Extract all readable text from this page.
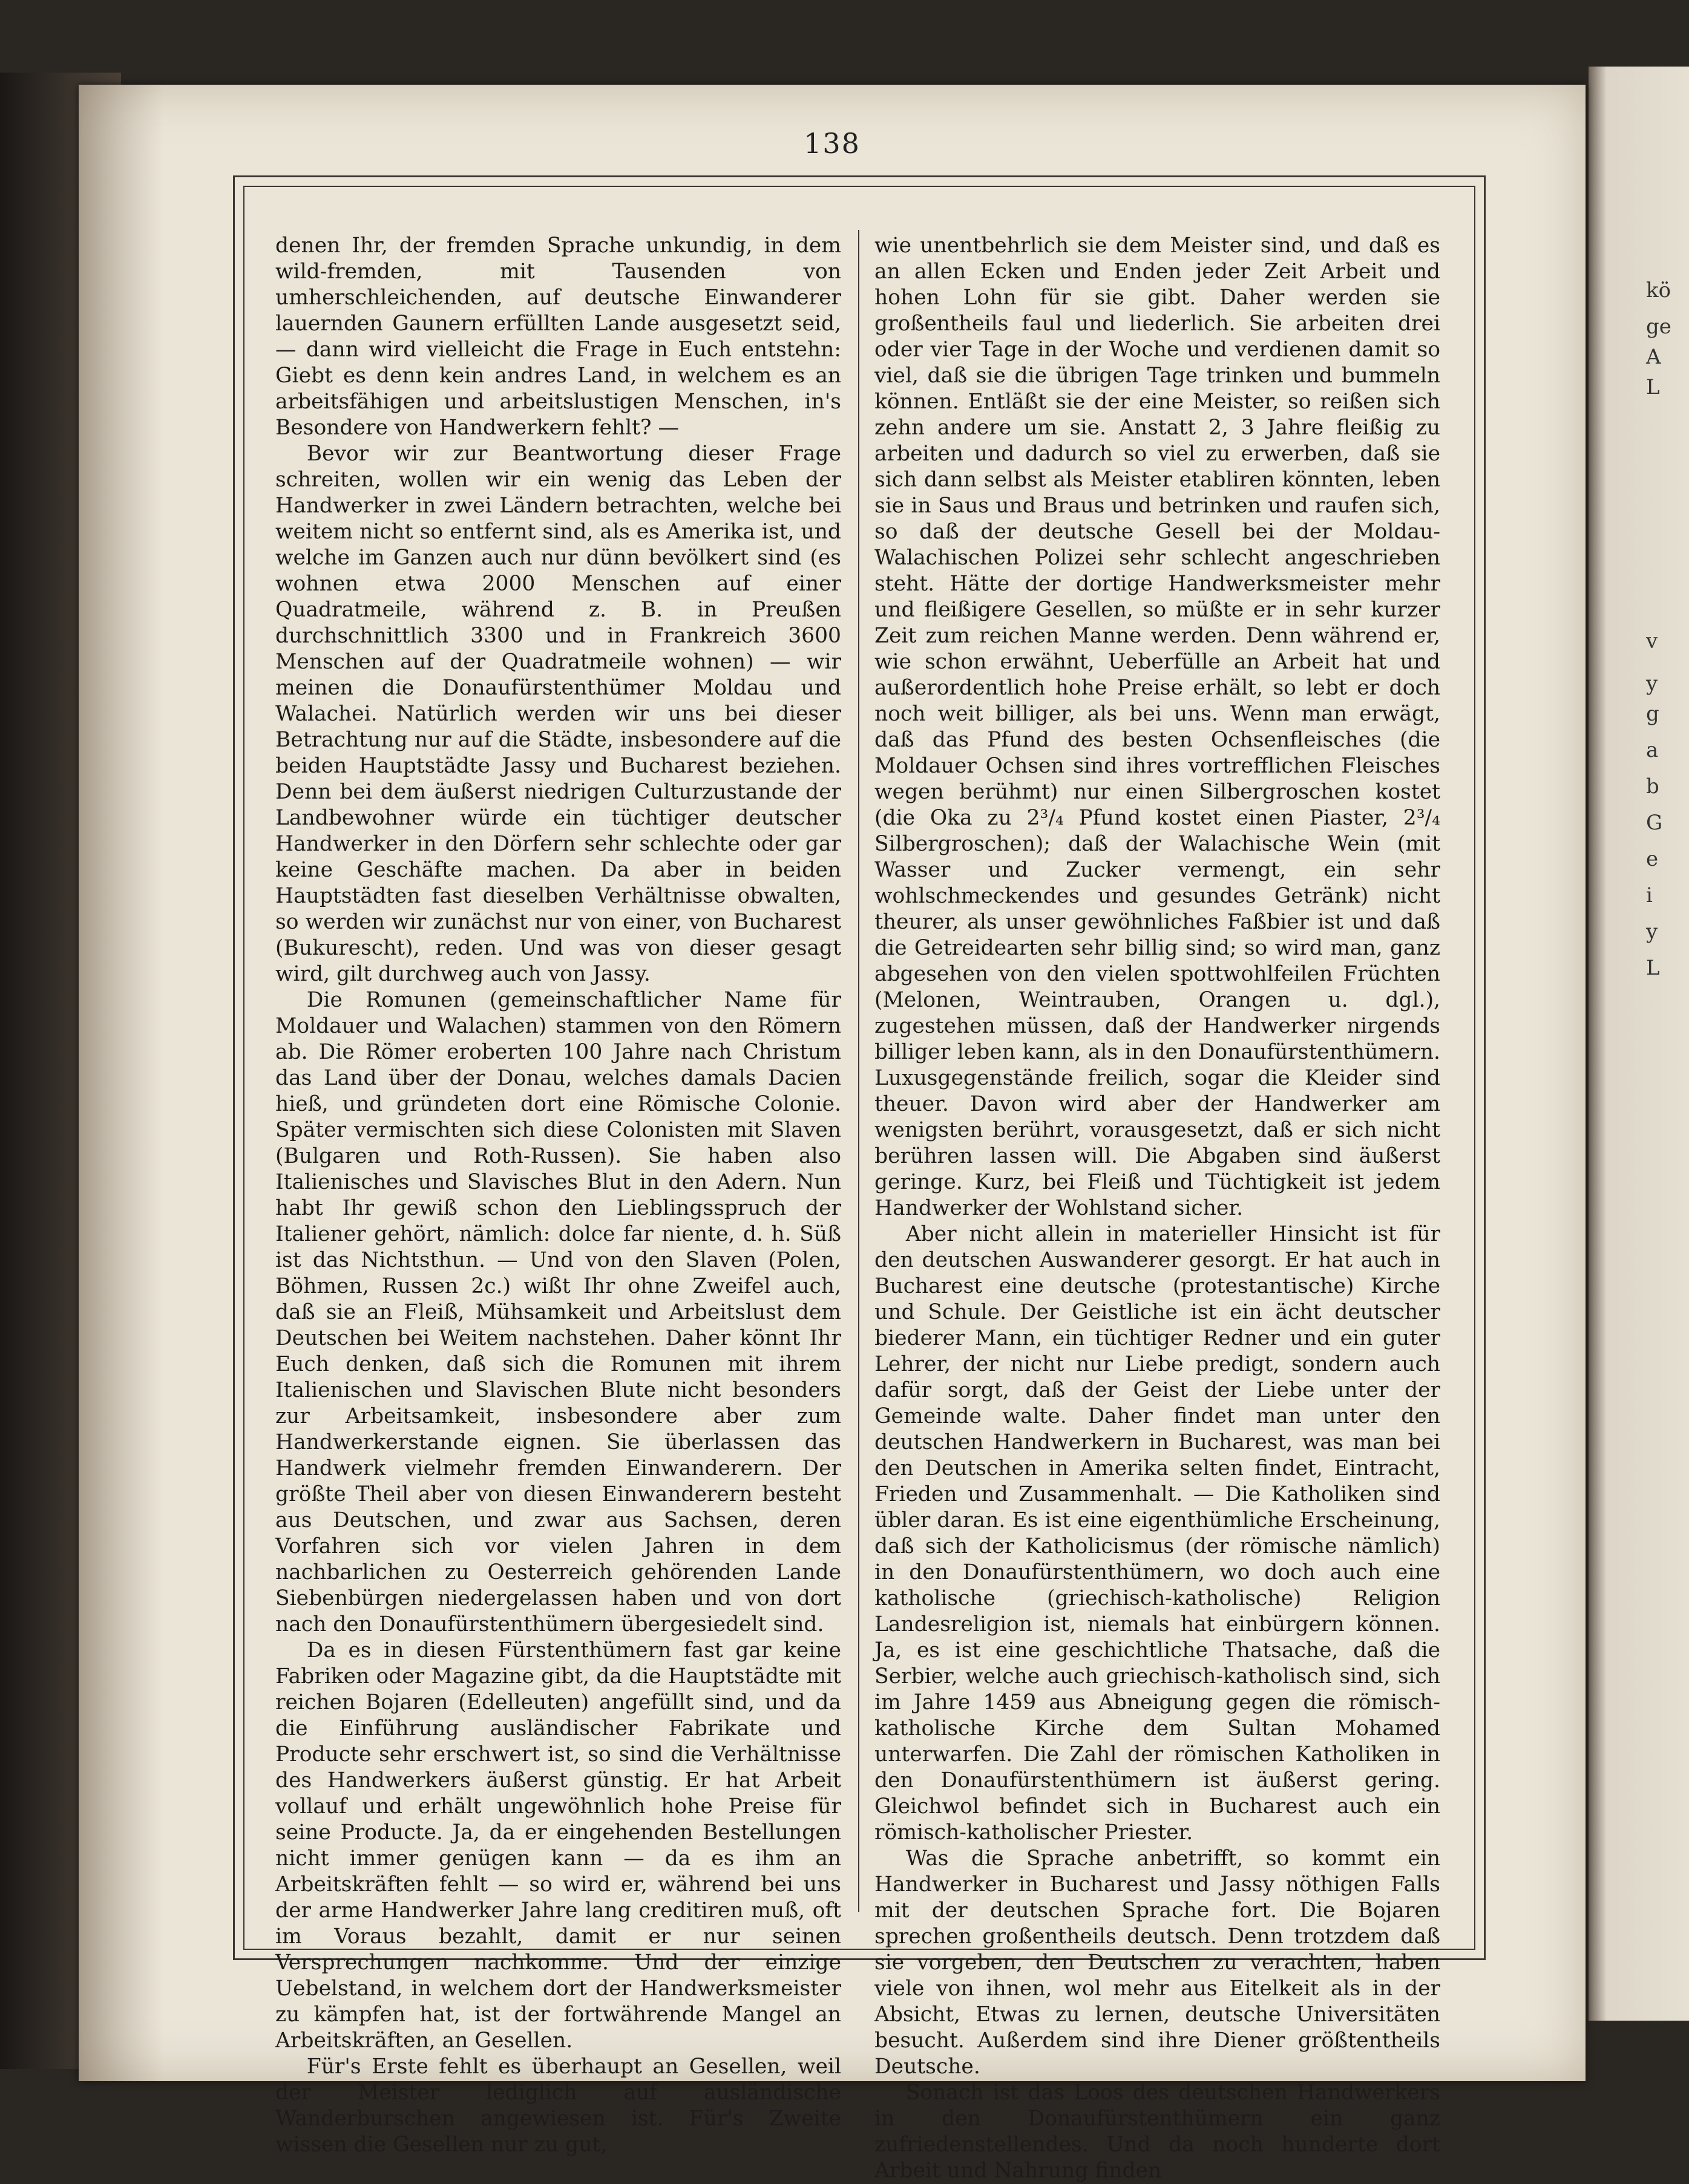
kö
ge
A
L
v
y
g
a
b
G
e
i
y
L
138

denen Ihr, der fremden Sprache unkundig, in dem wild-fremden, mit Tausenden von umherschleichenden, auf deutsche Einwanderer lauernden Gaunern erfüllten Lande ausgesetzt seid, — dann wird vielleicht die Frage in Euch entstehn: Giebt es denn kein andres Land, in welchem es an arbeitsfähigen und arbeitslustigen Menschen, in's Besondere von Handwerkern fehlt? —

Bevor wir zur Beantwortung dieser Frage schreiten, wollen wir ein wenig das Leben der Handwerker in zwei Ländern betrachten, welche bei weitem nicht so entfernt sind, als es Amerika ist, und welche im Ganzen auch nur dünn bevölkert sind (es wohnen etwa 2000 Menschen auf einer Quadratmeile, während z. B. in Preußen durchschnittlich 3300 und in Frankreich 3600 Menschen auf der Quadratmeile wohnen) — wir meinen die Donaufürstenthümer Moldau und Walachei. Natürlich werden wir uns bei dieser Betrachtung nur auf die Städte, insbesondere auf die beiden Hauptstädte Jassy und Bucharest beziehen. Denn bei dem äußerst niedrigen Culturzustande der Landbewohner würde ein tüchtiger deutscher Handwerker in den Dörfern sehr schlechte oder gar keine Geschäfte machen. Da aber in beiden Hauptstädten fast dieselben Verhältnisse obwalten, so werden wir zunächst nur von einer, von Bucharest (Bukurescht), reden. Und was von dieser gesagt wird, gilt durchweg auch von Jassy.

Die Romunen (gemeinschaftlicher Name für Moldauer und Walachen) stammen von den Römern ab. Die Römer eroberten 100 Jahre nach Christum das Land über der Donau, welches damals Dacien hieß, und gründeten dort eine Römische Colonie. Später vermischten sich diese Colonisten mit Slaven (Bulgaren und Roth-Russen). Sie haben also Italienisches und Slavisches Blut in den Adern. Nun habt Ihr gewiß schon den Lieblingsspruch der Italiener gehört, nämlich: dolce far niente, d. h. Süß ist das Nichtsthun. — Und von den Slaven (Polen, Böhmen, Russen 2c.) wißt Ihr ohne Zweifel auch, daß sie an Fleiß, Mühsamkeit und Arbeitslust dem Deutschen bei Weitem nachstehen. Daher könnt Ihr Euch denken, daß sich die Romunen mit ihrem Italienischen und Slavischen Blute nicht besonders zur Arbeitsamkeit, insbesondere aber zum Handwerkerstande eignen. Sie überlassen das Handwerk vielmehr fremden Einwanderern. Der größte Theil aber von diesen Einwanderern besteht aus Deutschen, und zwar aus Sachsen, deren Vorfahren sich vor vielen Jahren in dem nachbarlichen zu Oesterreich gehörenden Lande Siebenbürgen niedergelassen haben und von dort nach den Donaufürstenthümern übergesiedelt sind.

Da es in diesen Fürstenthümern fast gar keine Fabriken oder Magazine gibt, da die Hauptstädte mit reichen Bojaren (Edelleuten) angefüllt sind, und da die Einführung ausländischer Fabrikate und Producte sehr erschwert ist, so sind die Verhältnisse des Handwerkers äußerst günstig. Er hat Arbeit vollauf und erhält ungewöhnlich hohe Preise für seine Producte. Ja, da er eingehenden Bestellungen nicht immer genügen kann — da es ihm an Arbeitskräften fehlt — so wird er, während bei uns der arme Handwerker Jahre lang creditiren muß, oft im Voraus bezahlt, damit er nur seinen Versprechungen nachkomme. Und der einzige Uebelstand, in welchem dort der Handwerksmeister zu kämpfen hat, ist der fortwährende Mangel an Arbeitskräften, an Gesellen.

Für's Erste fehlt es überhaupt an Gesellen, weil der Meister lediglich auf ausländische Wanderburschen angewiesen ist. Für's Zweite wissen die Gesellen nur zu gut,

wie unentbehrlich sie dem Meister sind, und daß es an allen Ecken und Enden jeder Zeit Arbeit und hohen Lohn für sie gibt. Daher werden sie großentheils faul und liederlich. Sie arbeiten drei oder vier Tage in der Woche und verdienen damit so viel, daß sie die übrigen Tage trinken und bummeln können. Entläßt sie der eine Meister, so reißen sich zehn andere um sie. Anstatt 2, 3 Jahre fleißig zu arbeiten und dadurch so viel zu erwerben, daß sie sich dann selbst als Meister etabliren könnten, leben sie in Saus und Braus und betrinken und raufen sich, so daß der deutsche Gesell bei der Moldau-Walachischen Polizei sehr schlecht angeschrieben steht. Hätte der dortige Handwerksmeister mehr und fleißigere Gesellen, so müßte er in sehr kurzer Zeit zum reichen Manne werden. Denn während er, wie schon erwähnt, Ueberfülle an Arbeit hat und außerordentlich hohe Preise erhält, so lebt er doch noch weit billiger, als bei uns. Wenn man erwägt, daß das Pfund des besten Ochsenfleisches (die Moldauer Ochsen sind ihres vortrefflichen Fleisches wegen berühmt) nur einen Silbergroschen kostet (die Oka zu 2³/₄ Pfund kostet einen Piaster, 2³/₄ Silbergroschen); daß der Walachische Wein (mit Wasser und Zucker vermengt, ein sehr wohlschmeckendes und gesundes Getränk) nicht theurer, als unser gewöhnliches Faßbier ist und daß die Getreidearten sehr billig sind; so wird man, ganz abgesehen von den vielen spottwohlfeilen Früchten (Melonen, Weintrauben, Orangen u. dgl.), zugestehen müssen, daß der Handwerker nirgends billiger leben kann, als in den Donaufürstenthümern. Luxusgegenstände freilich, sogar die Kleider sind theuer. Davon wird aber der Handwerker am wenigsten berührt, vorausgesetzt, daß er sich nicht berühren lassen will. Die Abgaben sind äußerst geringe. Kurz, bei Fleiß und Tüchtigkeit ist jedem Handwerker der Wohlstand sicher.

Aber nicht allein in materieller Hinsicht ist für den deutschen Auswanderer gesorgt. Er hat auch in Bucharest eine deutsche (protestantische) Kirche und Schule. Der Geistliche ist ein ächt deutscher biederer Mann, ein tüchtiger Redner und ein guter Lehrer, der nicht nur Liebe predigt, sondern auch dafür sorgt, daß der Geist der Liebe unter der Gemeinde walte. Daher findet man unter den deutschen Handwerkern in Bucharest, was man bei den Deutschen in Amerika selten findet, Eintracht, Frieden und Zusammenhalt. — Die Katholiken sind übler daran. Es ist eine eigenthümliche Erscheinung, daß sich der Katholicismus (der römische nämlich) in den Donaufürstenthümern, wo doch auch eine katholische (griechisch-katholische) Religion Landesreligion ist, niemals hat einbürgern können. Ja, es ist eine geschichtliche Thatsache, daß die Serbier, welche auch griechisch-katholisch sind, sich im Jahre 1459 aus Abneigung gegen die römisch-katholische Kirche dem Sultan Mohamed unterwarfen. Die Zahl der römischen Katholiken in den Donaufürstenthümern ist äußerst gering. Gleichwol befindet sich in Bucharest auch ein römisch-katholischer Priester.

Was die Sprache anbetrifft, so kommt ein Handwerker in Bucharest und Jassy nöthigen Falls mit der deutschen Sprache fort. Die Bojaren sprechen großentheils deutsch. Denn trotzdem daß sie vorgeben, den Deutschen zu verachten, haben viele von ihnen, wol mehr aus Eitelkeit als in der Absicht, Etwas zu lernen, deutsche Universitäten besucht. Außerdem sind ihre Diener größtentheils Deutsche.

Sonach ist das Loos des deutschen Handwerkers in den Donaufürstenthümern ein ganz zufriedenstellendes. Und da noch hunderte dort Arbeit und Nahrung finden
